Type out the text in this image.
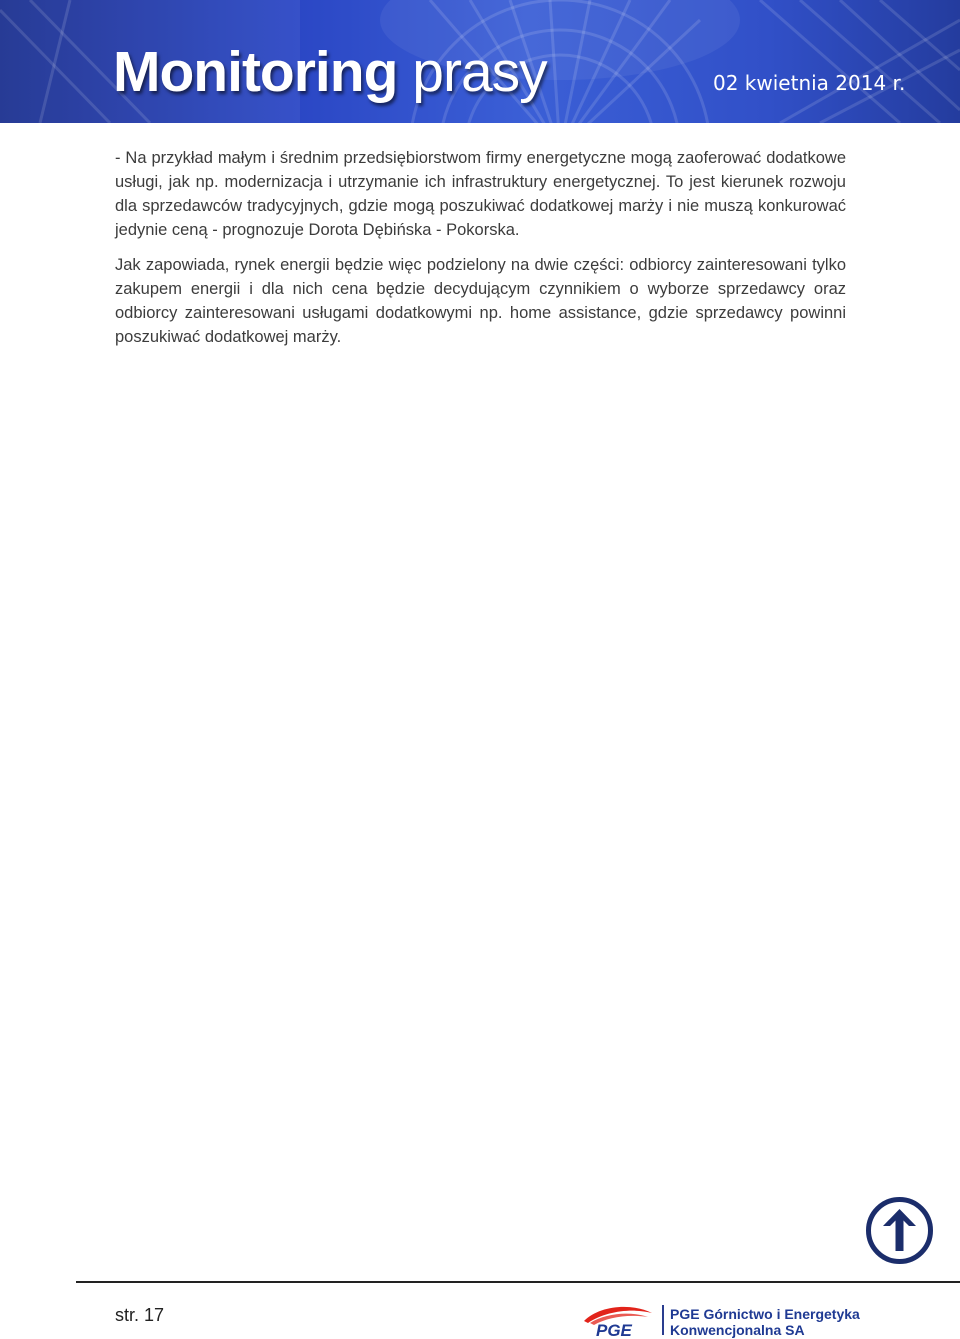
Monitoring prasy	02 kwietnia 2014 r.

- Na przykład małym i średnim przedsiębiorstwom firmy energetyczne mogą zaoferować dodatkowe usługi, jak np. modernizacja i utrzymanie ich infrastruktury energetycznej. To jest kierunek rozwoju dla sprzedawców tradycyjnych, gdzie mogą poszukiwać dodatkowej marży i nie muszą konkurować jedynie ceną - prognozuje Dorota Dębińska - Pokorska.

Jak zapowiada, rynek energii będzie więc podzielony na dwie części: odbiorcy zainteresowani tylko zakupem energii i dla nich cena będzie decydującym czynnikiem o wyborze sprzedawcy oraz odbiorcy zainteresowani usługami dodatkowymi np. home assistance, gdzie sprzedawcy powinni poszukiwać dodatkowej marży.

str. 17
PGE
PGE Górnictwo i Energetyka
Konwencjonalna SA
